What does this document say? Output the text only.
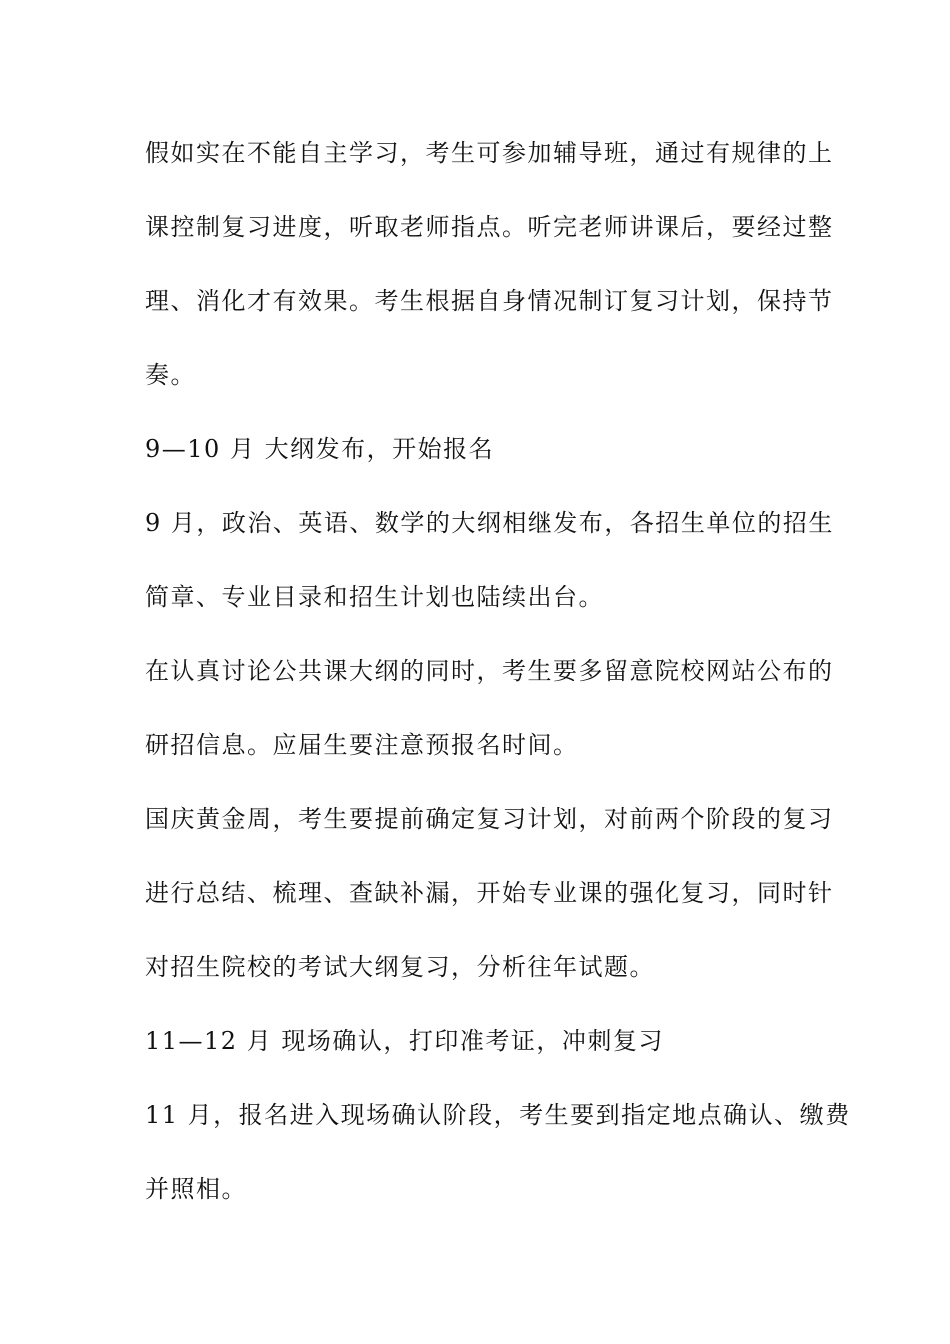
假如实在不能自主学习，考生可参加辅导班，通过有规律的上
课控制复习进度，听取老师指点。听完老师讲课后，要经过整
理、消化才有效果。考生根据自身情况制订复习计划，保持节
奏。
9—10 月 大纲发布，开始报名
9 月，政治、英语、数学的大纲相继发布，各招生单位的招生
简章、专业目录和招生计划也陆续出台。
在认真讨论公共课大纲的同时，考生要多留意院校网站公布的
研招信息。应届生要注意预报名时间。
国庆黄金周，考生要提前确定复习计划，对前两个阶段的复习
进行总结、梳理、查缺补漏，开始专业课的强化复习，同时针
对招生院校的考试大纲复习，分析往年试题。
11—12 月 现场确认，打印准考证，冲刺复习
11 月，报名进入现场确认阶段，考生要到指定地点确认、缴费
并照相。
